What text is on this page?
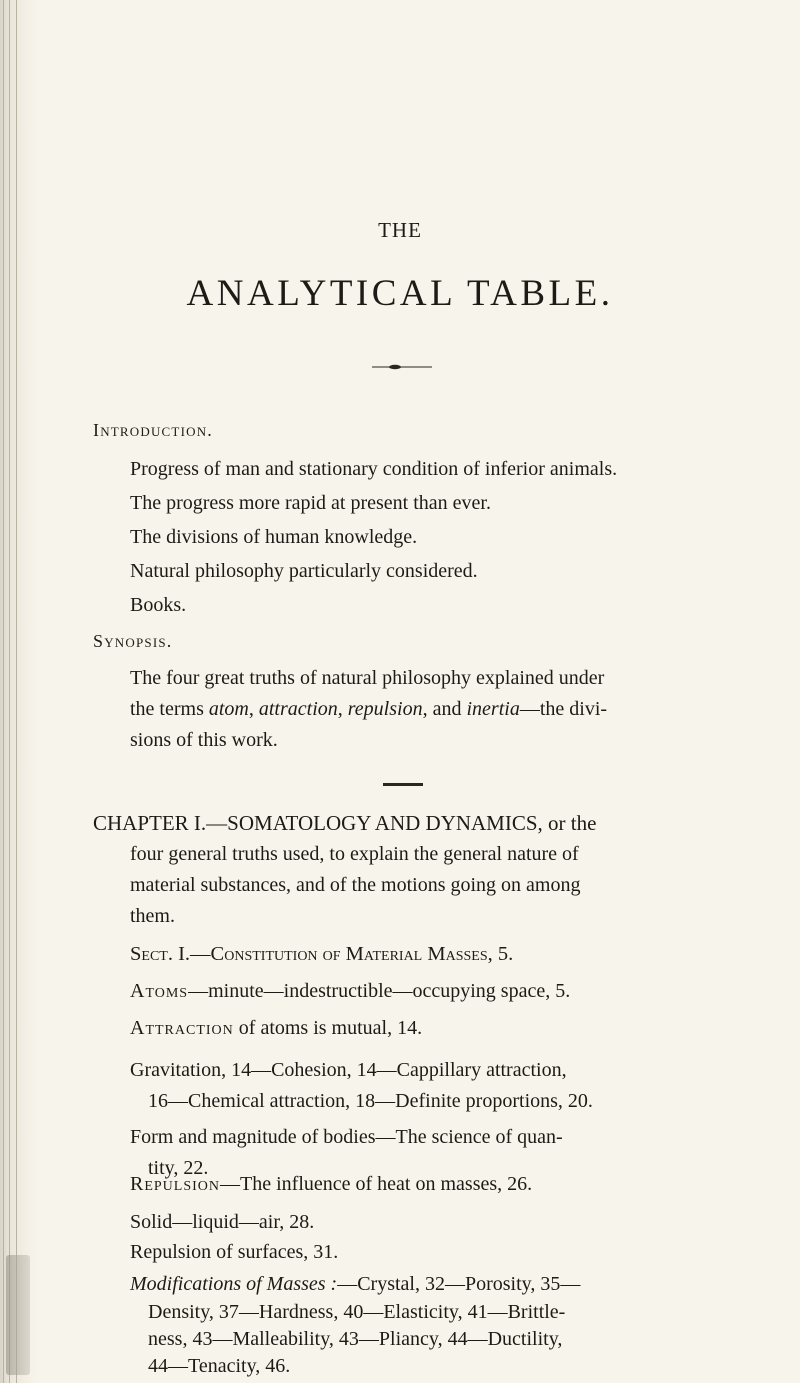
THE
ANALYTICAL TABLE.
Introduction.
Progress of man and stationary condition of inferior animals.
The progress more rapid at present than ever.
The divisions of human knowledge.
Natural philosophy particularly considered.
Books.
Synopsis.
The four great truths of natural philosophy explained under
the terms atom, attraction, repulsion, and inertia—the divi-
sions of this work.
CHAPTER I.—SOMATOLOGY AND DYNAMICS, or the
four general truths used, to explain the general nature of
material substances, and of the motions going on among
them.
Sect. I.—Constitution of Material Masses, 5.
Atoms—minute—indestructible—occupying space, 5.
Attraction of atoms is mutual, 14.
Gravitation, 14—Cohesion, 14—Cappillary attraction,
16—Chemical attraction, 18—Definite proportions, 20.
Form and magnitude of bodies—The science of quan-
tity, 22.
Repulsion—The influence of heat on masses, 26.
Solid—liquid—air, 28.
Repulsion of surfaces, 31.
Modifications of Masses :—Crystal, 32—Porosity, 35—
Density, 37—Hardness, 40—Elasticity, 41—Brittle-
ness, 43—Malleability, 43—Pliancy, 44—Ductility,
44—Tenacity, 46.
